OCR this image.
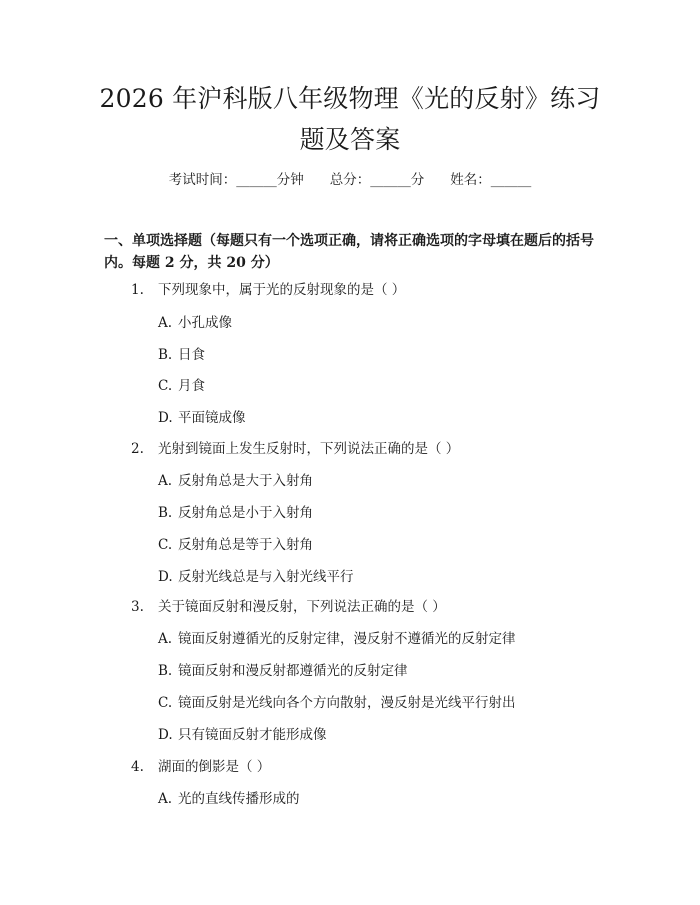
2026 年沪科版八年级物理《光的反射》练习
题及答案
考试时间：______分钟 总分：______分 姓名：______
一、单项选择题（每题只有一个选项正确，请将正确选项的字母填在题后的括号内。每题 2 分，共 20 分）
1. 下列现象中，属于光的反射现象的是（ ）
A. 小孔成像
B. 日食
C. 月食
D. 平面镜成像
2. 光射到镜面上发生反射时，下列说法正确的是（ ）
A. 反射角总是大于入射角
B. 反射角总是小于入射角
C. 反射角总是等于入射角
D. 反射光线总是与入射光线平行
3. 关于镜面反射和漫反射，下列说法正确的是（ ）
A. 镜面反射遵循光的反射定律，漫反射不遵循光的反射定律
B. 镜面反射和漫反射都遵循光的反射定律
C. 镜面反射是光线向各个方向散射，漫反射是光线平行射出
D. 只有镜面反射才能形成像
4. 湖面的倒影是（ ）
A. 光的直线传播形成的
